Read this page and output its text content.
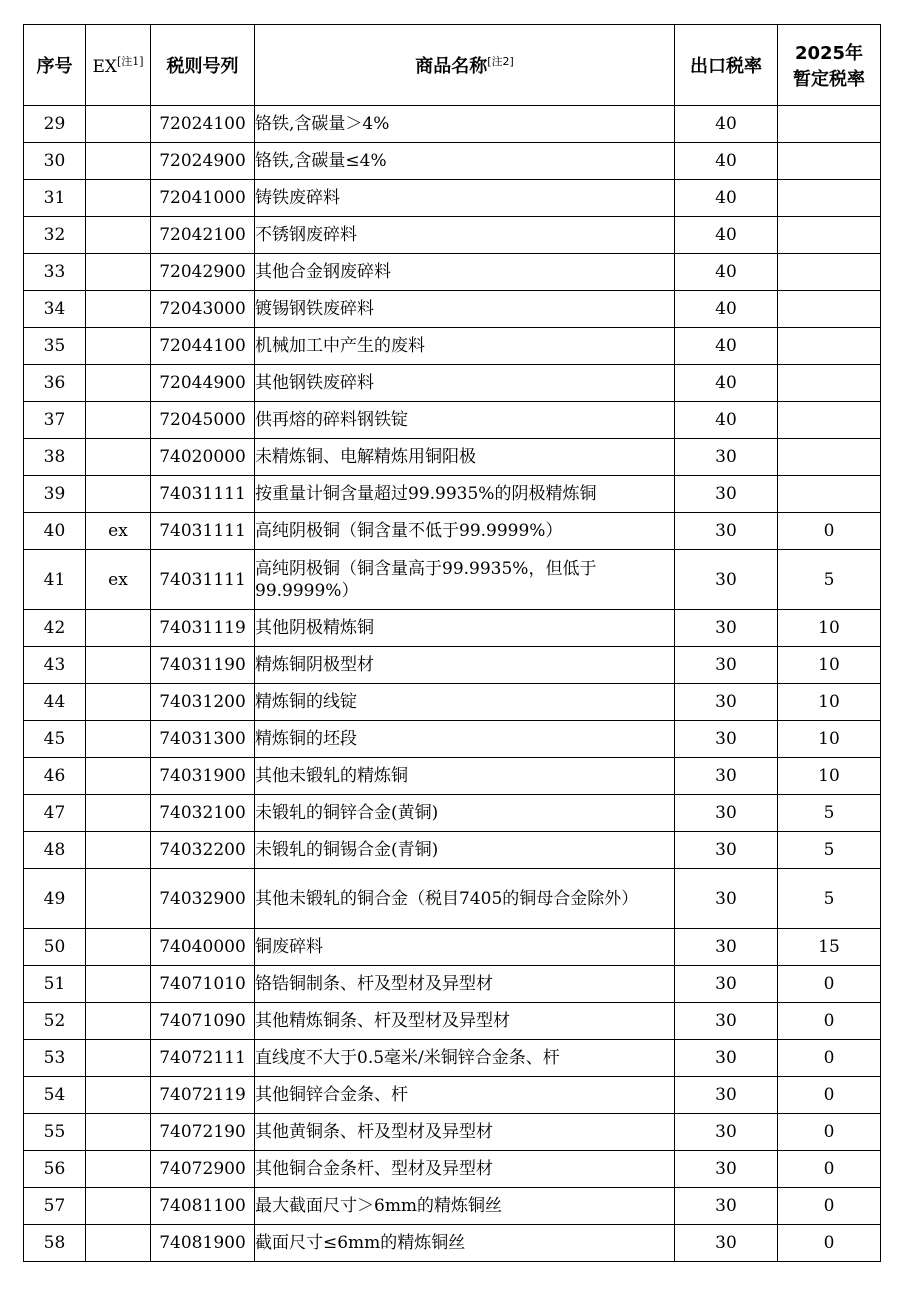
序号	EX[注1]	税则号列	商品名称[注2]	出口税率	2025年
暂定税率

29		72024100	铬铁,含碳量＞4%	40	
30		72024900	铬铁,含碳量≤4%	40	
31		72041000	铸铁废碎料	40	
32		72042100	不锈钢废碎料	40	
33		72042900	其他合金钢废碎料	40	
34		72043000	镀锡钢铁废碎料	40	
35		72044100	机械加工中产生的废料	40	
36		72044900	其他钢铁废碎料	40	
37		72045000	供再熔的碎料钢铁锭	40	
38		74020000	未精炼铜、电解精炼用铜阳极	30	
39		74031111	按重量计铜含量超过99.9935%的阴极精炼铜	30	
40	ex	74031111	高纯阴极铜（铜含量不低于99.9999%）	30	0
41	ex	74031111	高纯阴极铜（铜含量高于99.9935%，但低于99.9999%）	30	5
42		74031119	其他阴极精炼铜	30	10
43		74031190	精炼铜阴极型材	30	10
44		74031200	精炼铜的线锭	30	10
45		74031300	精炼铜的坯段	30	10
46		74031900	其他未锻轧的精炼铜	30	10
47		74032100	未锻轧的铜锌合金(黄铜)	30	5
48		74032200	未锻轧的铜锡合金(青铜)	30	5
49		74032900	其他未锻轧的铜合金（税目7405的铜母合金除外）	30	5
50		74040000	铜废碎料	30	15
51		74071010	铬锆铜制条、杆及型材及异型材	30	0
52		74071090	其他精炼铜条、杆及型材及异型材	30	0
53		74072111	直线度不大于0.5毫米/米铜锌合金条、杆	30	0
54		74072119	其他铜锌合金条、杆	30	0
55		74072190	其他黄铜条、杆及型材及异型材	30	0
56		74072900	其他铜合金条杆、型材及异型材	30	0
57		74081100	最大截面尺寸＞6mm的精炼铜丝	30	0
58		74081900	截面尺寸≤6mm的精炼铜丝	30	0
